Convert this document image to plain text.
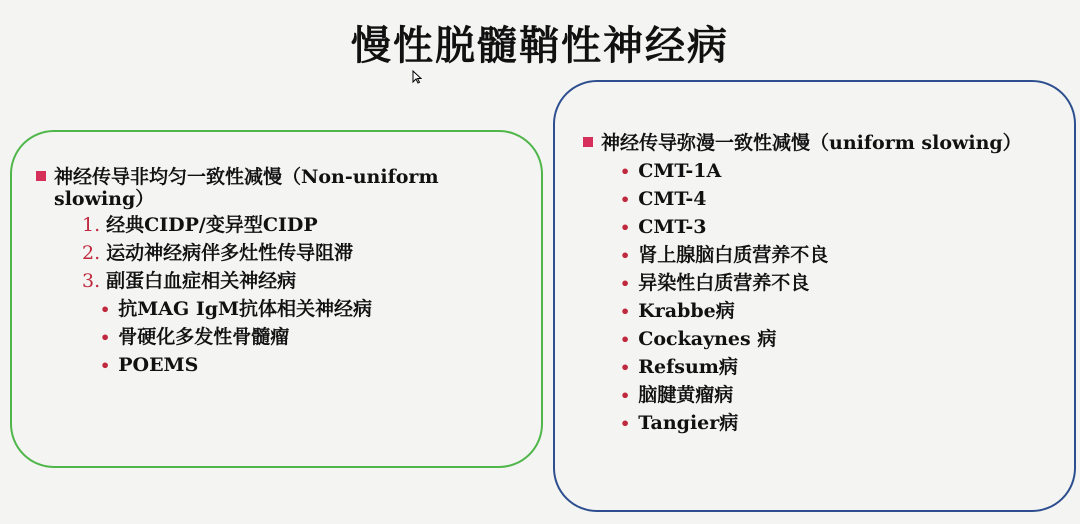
慢性脱髓鞘性神经病
神经传导非均匀一致性减慢（Non-uniform
slowing）
1. 经典CIDP/变异型CIDP
2. 运动神经病伴多灶性传导阻滞
3. 副蛋白血症相关神经病
• 抗MAG IgM抗体相关神经病
• 骨硬化多发性骨髓瘤
• POEMS
神经传导弥漫一致性减慢（uniform slowing）
• CMT-1A
• CMT-4
• CMT-3
• 肾上腺脑白质营养不良
• 异染性白质营养不良
• Krabbe病
• Cockaynes 病
• Refsum病
• 脑腱黄瘤病
• Tangier病
